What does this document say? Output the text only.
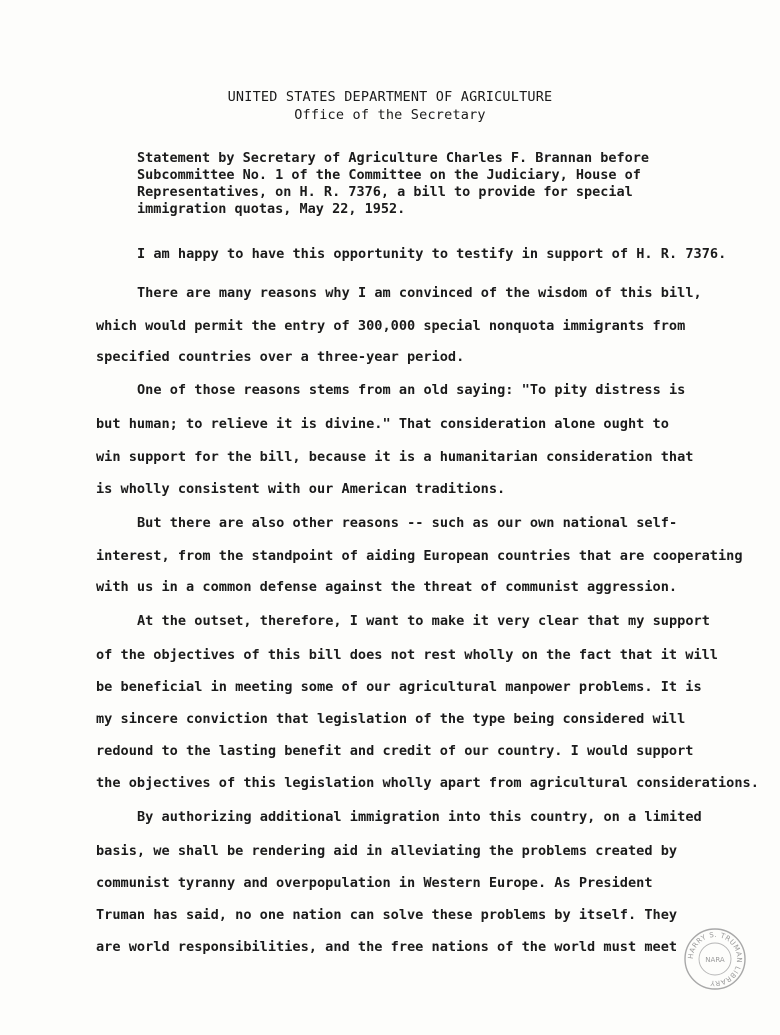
UNITED STATES DEPARTMENT OF AGRICULTURE
Office of the Secretary
Statement by Secretary of Agriculture Charles F. Brannan before
Subcommittee No. 1 of the Committee on the Judiciary, House of
Representatives, on H. R. 7376, a bill to provide for special
immigration quotas, May 22, 1952.
I am happy to have this opportunity to testify in support of H. R. 7376.
There are many reasons why I am convinced of the wisdom of this bill,
which would permit the entry of 300,000 special nonquota immigrants from
specified countries over a three-year period.
One of those reasons stems from an old saying: "To pity distress is
but human; to relieve it is divine." That consideration alone ought to
win support for the bill, because it is a humanitarian consideration that
is wholly consistent with our American traditions.
But there are also other reasons -- such as our own national self-
interest, from the standpoint of aiding European countries that are cooperating
with us in a common defense against the threat of communist aggression.
At the outset, therefore, I want to make it very clear that my support
of the objectives of this bill does not rest wholly on the fact that it will
be beneficial in meeting some of our agricultural manpower problems. It is
my sincere conviction that legislation of the type being considered will
redound to the lasting benefit and credit of our country. I would support
the objectives of this legislation wholly apart from agricultural considerations.
By authorizing additional immigration into this country, on a limited
basis, we shall be rendering aid in alleviating the problems created by
communist tyranny and overpopulation in Western Europe. As President
Truman has said, no one nation can solve these problems by itself. They
are world responsibilities, and the free nations of the world must meet
HARRY S. TRUMAN LIBRARY
NARA
